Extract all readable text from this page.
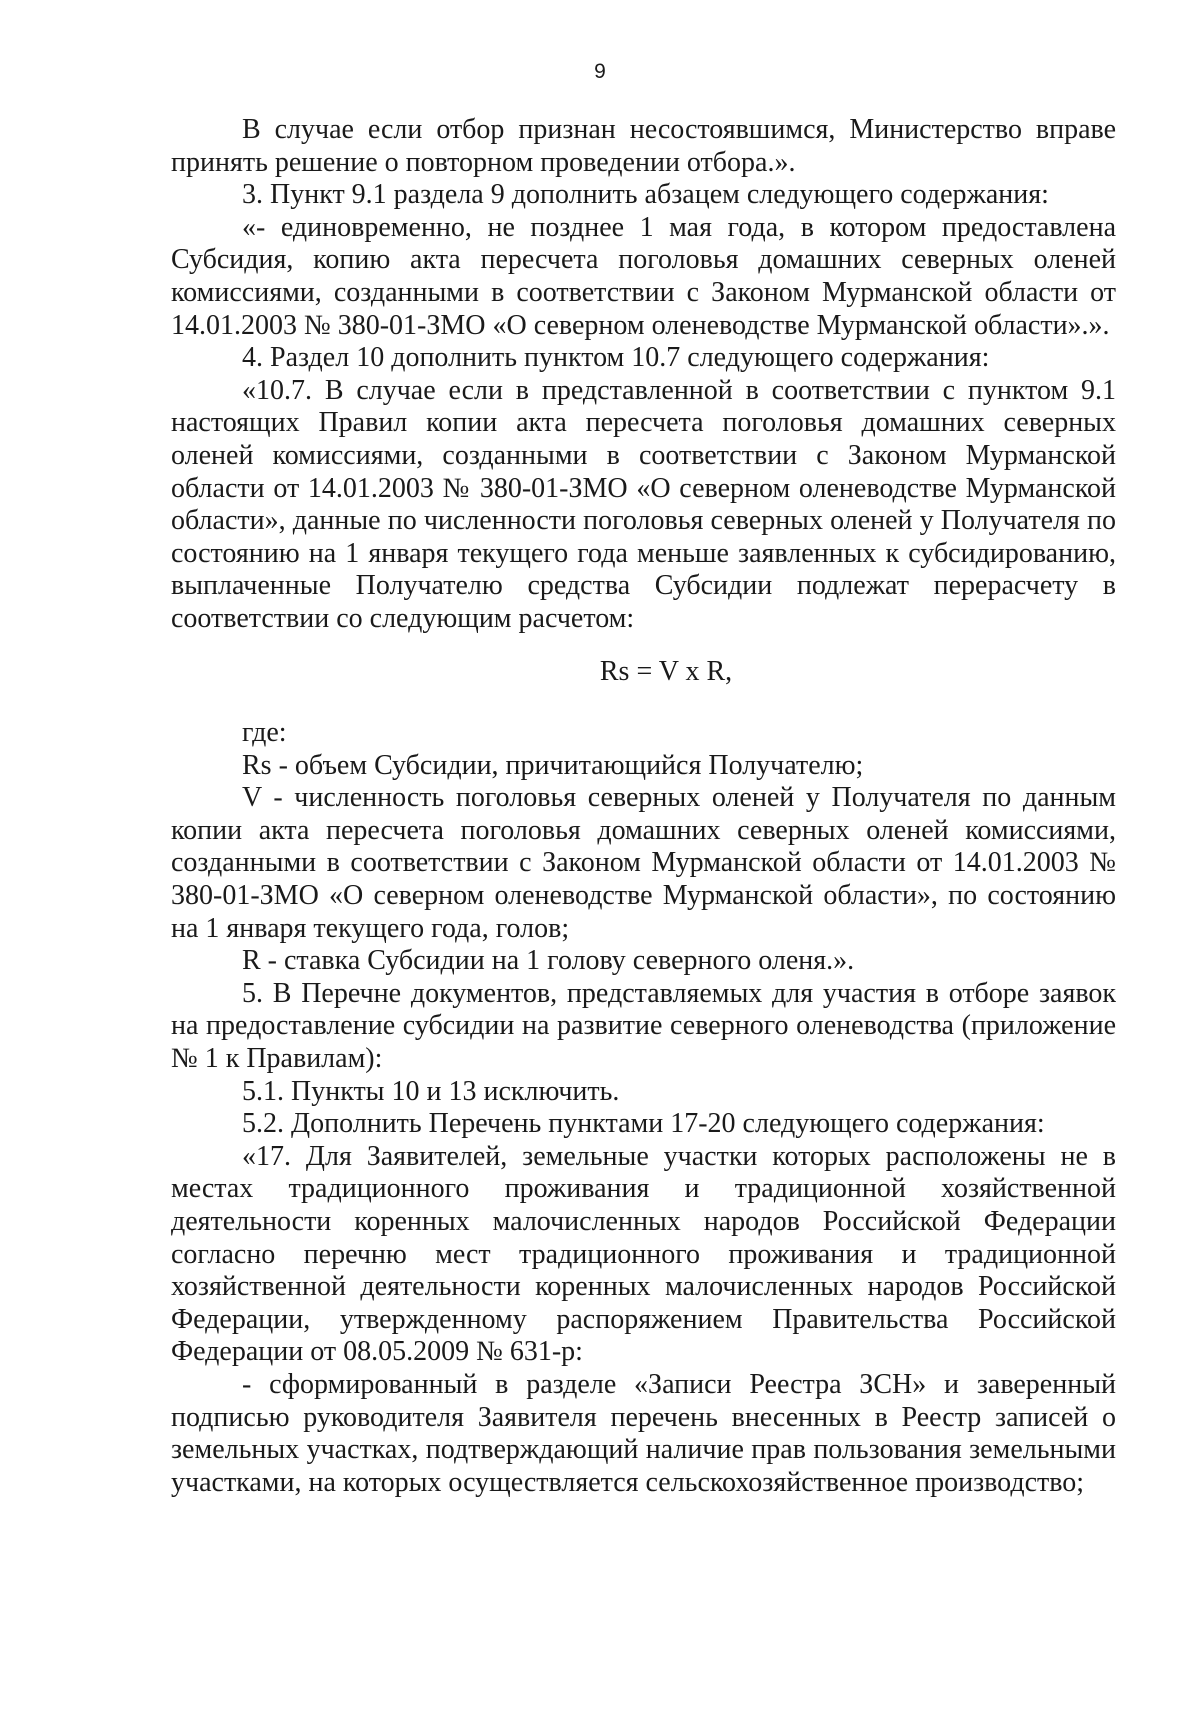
9

В случае если отбор признан несостоявшимся, Министерство вправе принять решение о повторном проведении отбора.».

3. Пункт 9.1 раздела 9 дополнить абзацем следующего содержания:

«- единовременно, не позднее 1 мая года, в котором предоставлена Субсидия, копию акта пересчета поголовья домашних северных оленей комиссиями, созданными в соответствии с Законом Мурманской области от 14.01.2003 № 380-01-ЗМО «О северном оленеводстве Мурманской области».».

4. Раздел 10 дополнить пунктом 10.7 следующего содержания:

«10.7. В случае если в представленной в соответствии с пунктом 9.1 настоящих Правил копии акта пересчета поголовья домашних северных оленей комиссиями, созданными в соответствии с Законом Мурманской области от 14.01.2003 № 380-01-ЗМО «О северном оленеводстве Мурманской области», данные по численности поголовья северных оленей у Получателя по состоянию на 1 января текущего года меньше заявленных к субсидированию, выплаченные Получателю средства Субсидии подлежат перерасчету в соответствии со следующим расчетом:

Rs = V x R,

где:

Rs - объем Субсидии, причитающийся Получателю;

V - численность поголовья северных оленей у Получателя по данным копии акта пересчета поголовья домашних северных оленей комиссиями, созданными в соответствии с Законом Мурманской области от 14.01.2003 № 380-01-ЗМО «О северном оленеводстве Мурманской области», по состоянию на 1 января текущего года, голов;

R - ставка Субсидии на 1 голову северного оленя.».

5. В Перечне документов, представляемых для участия в отборе заявок на предоставление субсидии на развитие северного оленеводства (приложение № 1 к Правилам):

5.1. Пункты 10 и 13 исключить.

5.2. Дополнить Перечень пунктами 17-20 следующего содержания:

«17. Для Заявителей, земельные участки которых расположены не в местах традиционного проживания и традиционной хозяйственной деятельности коренных малочисленных народов Российской Федерации согласно перечню мест традиционного проживания и традиционной хозяйственной деятельности коренных малочисленных народов Российской Федерации, утвержденному распоряжением Правительства Российской Федерации от 08.05.2009 № 631-р:

- сформированный в разделе «Записи Реестра ЗСН» и заверенный подписью руководителя Заявителя перечень внесенных в Реестр записей о земельных участках, подтверждающий наличие прав пользования земельными участками, на которых осуществляется сельскохозяйственное производство;
